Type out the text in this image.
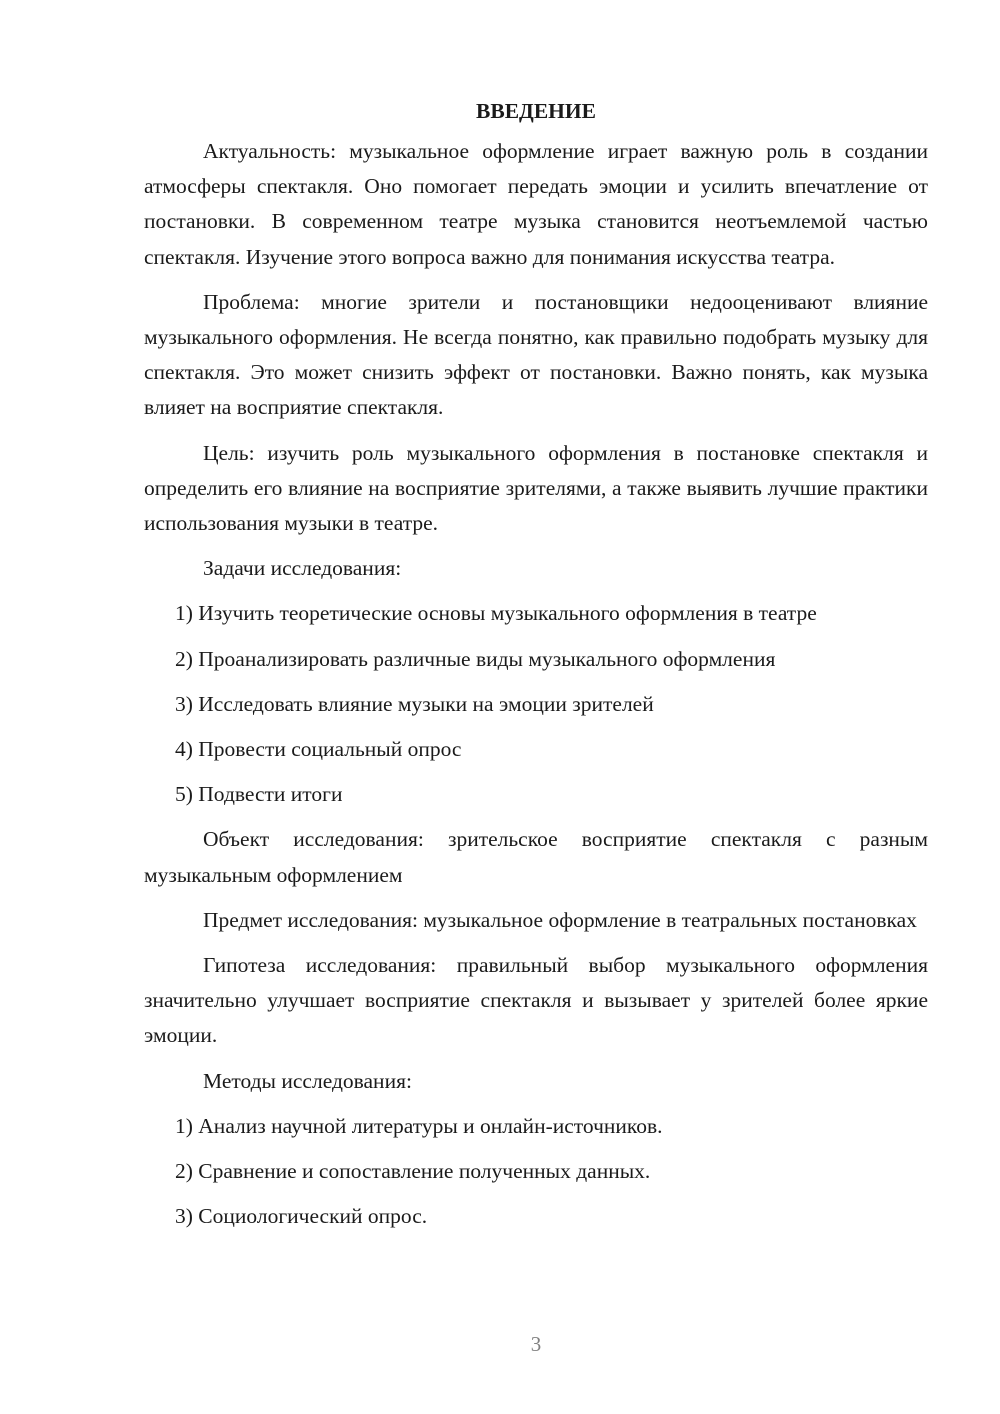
ВВЕДЕНИЕ

Актуальность: музыкальное оформление играет важную роль в создании атмосферы спектакля. Оно помогает передать эмоции и усилить впечатление от постановки. В современном театре музыка становится неотъемлемой частью спектакля. Изучение этого вопроса важно для понимания искусства театра.

Проблема: многие зрители и постановщики недооценивают влияние музыкального оформления. Не всегда понятно, как правильно подобрать музыку для спектакля. Это может снизить эффект от постановки. Важно понять, как музыка влияет на восприятие спектакля.

Цель: изучить роль музыкального оформления в постановке спектакля и определить его влияние на восприятие зрителями, а также выявить лучшие практики использования музыки в театре.

Задачи исследования:

1) Изучить теоретические основы музыкального оформления в театре

2) Проанализировать различные виды музыкального оформления

3) Исследовать влияние музыки на эмоции зрителей

4) Провести социальный опрос

5) Подвести итоги

Объект исследования: зрительское восприятие спектакля с разным музыкальным оформлением

Предмет исследования: музыкальное оформление в театральных постановках

Гипотеза исследования: правильный выбор музыкального оформления значительно улучшает восприятие спектакля и вызывает у зрителей более яркие эмоции.

Методы исследования:

1) Анализ научной литературы и онлайн-источников.

2) Сравнение и сопоставление полученных данных.

3) Социологический опрос.

3
